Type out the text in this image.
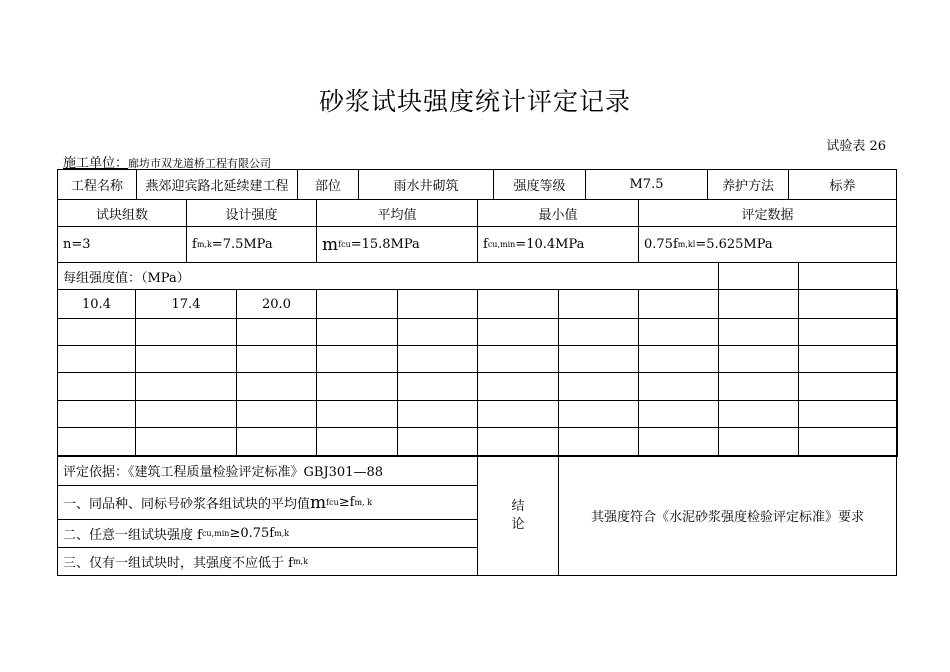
砂浆试块强度统计评定记录
试验表 26
施工单位：廊坊市双龙道桥工程有限公司
工程名称	燕郊迎宾路北延续建工程	部位	雨水井砌筑	强度等级	M7.5	养护方法	标养
试块组数	设计强度	平均值	最小值	评定数据
n=3	f m,k =7.5MPa	m fcu =15.8MPa	f cu,min =10.4MPa	0.75f m,kl =5.625MPa
每组强度值：（MPa）
10.4	17.4	20.0
评定依据：《建筑工程质量检验评定标准》GBJ301—88
一、同品种、同标号砂浆各组试块的平均值 m fcu ≥f m, k
二、任意一组试块强度 f cu,min ≥0.75f m,k
三、仅有一组试块时，其强度不应低于 f m,k
结
论	其强度符合《水泥砂浆强度检验评定标准》要求
